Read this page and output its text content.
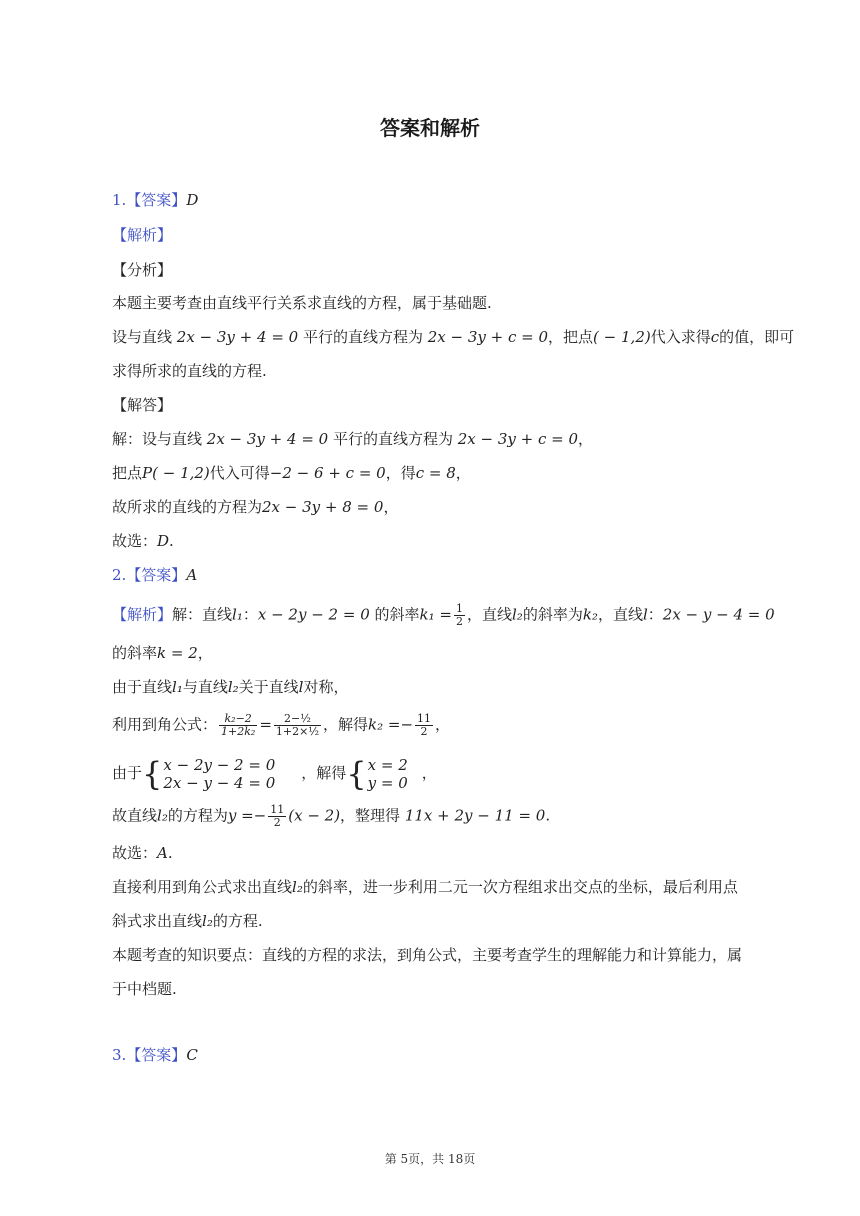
答案和解析
1.【答案】D
【解析】
【分析】
本题主要考查由直线平行关系求直线的方程，属于基础题.
设与直线 2x − 3y + 4 = 0 平行的直线方程为 2x − 3y + c = 0，把点( − 1,2)代入求得c的值，即可
求得所求的直线的方程.
【解答】
解：设与直线 2x − 3y + 4 = 0 平行的直线方程为 2x − 3y + c = 0，
把点P( − 1,2)代入可得−2 − 6 + c = 0，得c = 8，
故所求的直线的方程为2x − 3y + 8 = 0，
故选：D.
2.【答案】A
【解析】解：直线l₁：x − 2y − 2 = 0 的斜率$k_1 = \frac{1}{2}$ ，直线l₂的斜率为k₂，直线l：2x − y − 4 = 0
的斜率k = 2，
由于直线l₁与直线l₂关于直线l对称，
利用到角公式： $\frac{\text{k₂−2}}{\text{1+2k₂}} = \frac{\text{2−½}}{\text{1+2×½}}$ ，解得$k_2 =- \frac{11}{2}$ ，
由于{ x − 2y − 2 = 0
2x − y − 4 = 0
，解得{ x = 2
y = 0
，
故直线l₂的方程为$y =- \frac{11}{2} (x - 2)$，整理得 11x + 2y − 11 = 0.
故选：A.
直接利用到角公式求出直线l₂的斜率，进一步利用二元一次方程组求出交点的坐标，最后利用点
斜式求出直线l₂的方程.
本题考查的知识要点：直线的方程的求法，到角公式，主要考查学生的理解能力和计算能力，属
于中档题.
3.【答案】C
第 5页，共 18页
